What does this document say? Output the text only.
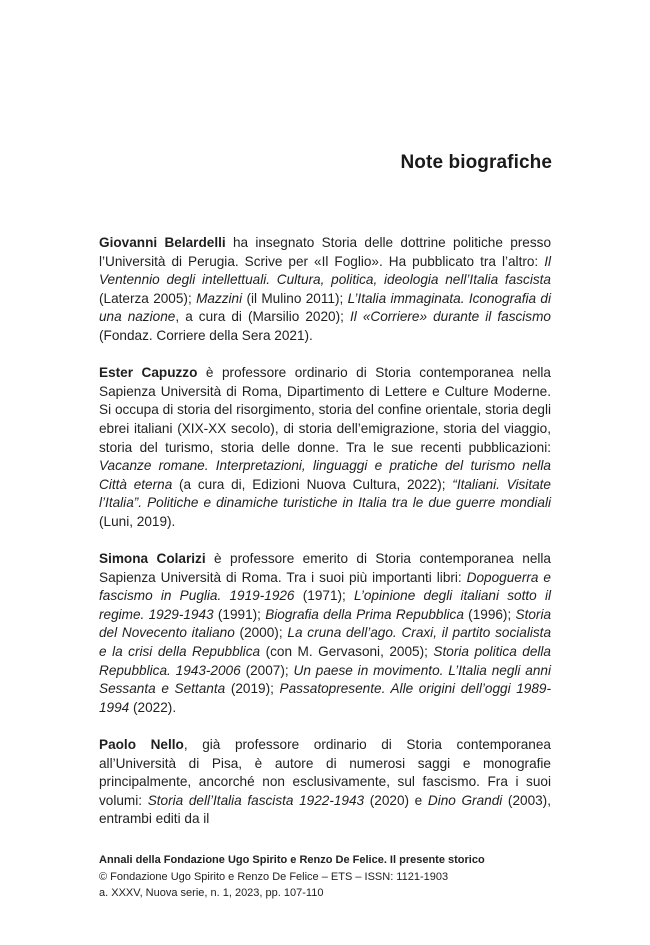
Note biografiche

Giovanni Belardelli ha insegnato Storia delle dottrine politiche presso l’Università di Perugia. Scrive per «Il Foglio». Ha pubblicato tra l’altro: Il Ventennio degli intellettuali. Cultura, politica, ideologia nell’Italia fascista (Laterza 2005); Mazzini (il Mulino 2011); L’Italia immaginata. Iconografia di una nazione, a cura di (Marsilio 2020); Il «Corriere» durante il fascismo (Fondaz. Corriere della Sera 2021).

Ester Capuzzo è professore ordinario di Storia contemporanea nella Sapienza Università di Roma, Dipartimento di Lettere e Culture Moderne. Si occupa di storia del risorgimento, storia del confine orientale, storia degli ebrei italiani (XIX-XX secolo), di storia dell’emigrazione, storia del viaggio, storia del turismo, storia delle donne. Tra le sue recenti pubblicazioni: Vacanze romane. Interpretazioni, linguaggi e pratiche del turismo nella Città eterna (a cura di, Edizioni Nuova Cultura, 2022); “Italiani. Visitate l’Italia”. Politiche e dinamiche turistiche in Italia tra le due guerre mondiali (Luni, 2019).

Simona Colarizi è professore emerito di Storia contemporanea nella Sapienza Università di Roma. Tra i suoi più importanti libri: Dopoguerra e fascismo in Puglia. 1919-1926 (1971); L’opinione degli italiani sotto il regime. 1929-1943 (1991); Biografia della Prima Repubblica (1996); Storia del Novecento italiano (2000); La cruna dell’ago. Craxi, il partito socialista e la crisi della Repubblica (con M. Gervasoni, 2005); Storia politica della Repubblica. 1943-2006 (2007); Un paese in movimento. L’Italia negli anni Sessanta e Settanta (2019); Passatopresente. Alle origini dell’oggi 1989-1994 (2022).

Paolo Nello, già professore ordinario di Storia contemporanea all’Università di Pisa, è autore di numerosi saggi e monografie principalmente, ancorché non esclusivamente, sul fascismo. Fra i suoi volumi: Storia dell’Italia fascista 1922-1943 (2020) e Dino Grandi (2003), entrambi editi da il

Annali della Fondazione Ugo Spirito e Renzo De Felice. Il presente storico
© Fondazione Ugo Spirito e Renzo De Felice – ETS – ISSN: 1121-1903
a. XXXV, Nuova serie, n. 1, 2023, pp. 107-110
